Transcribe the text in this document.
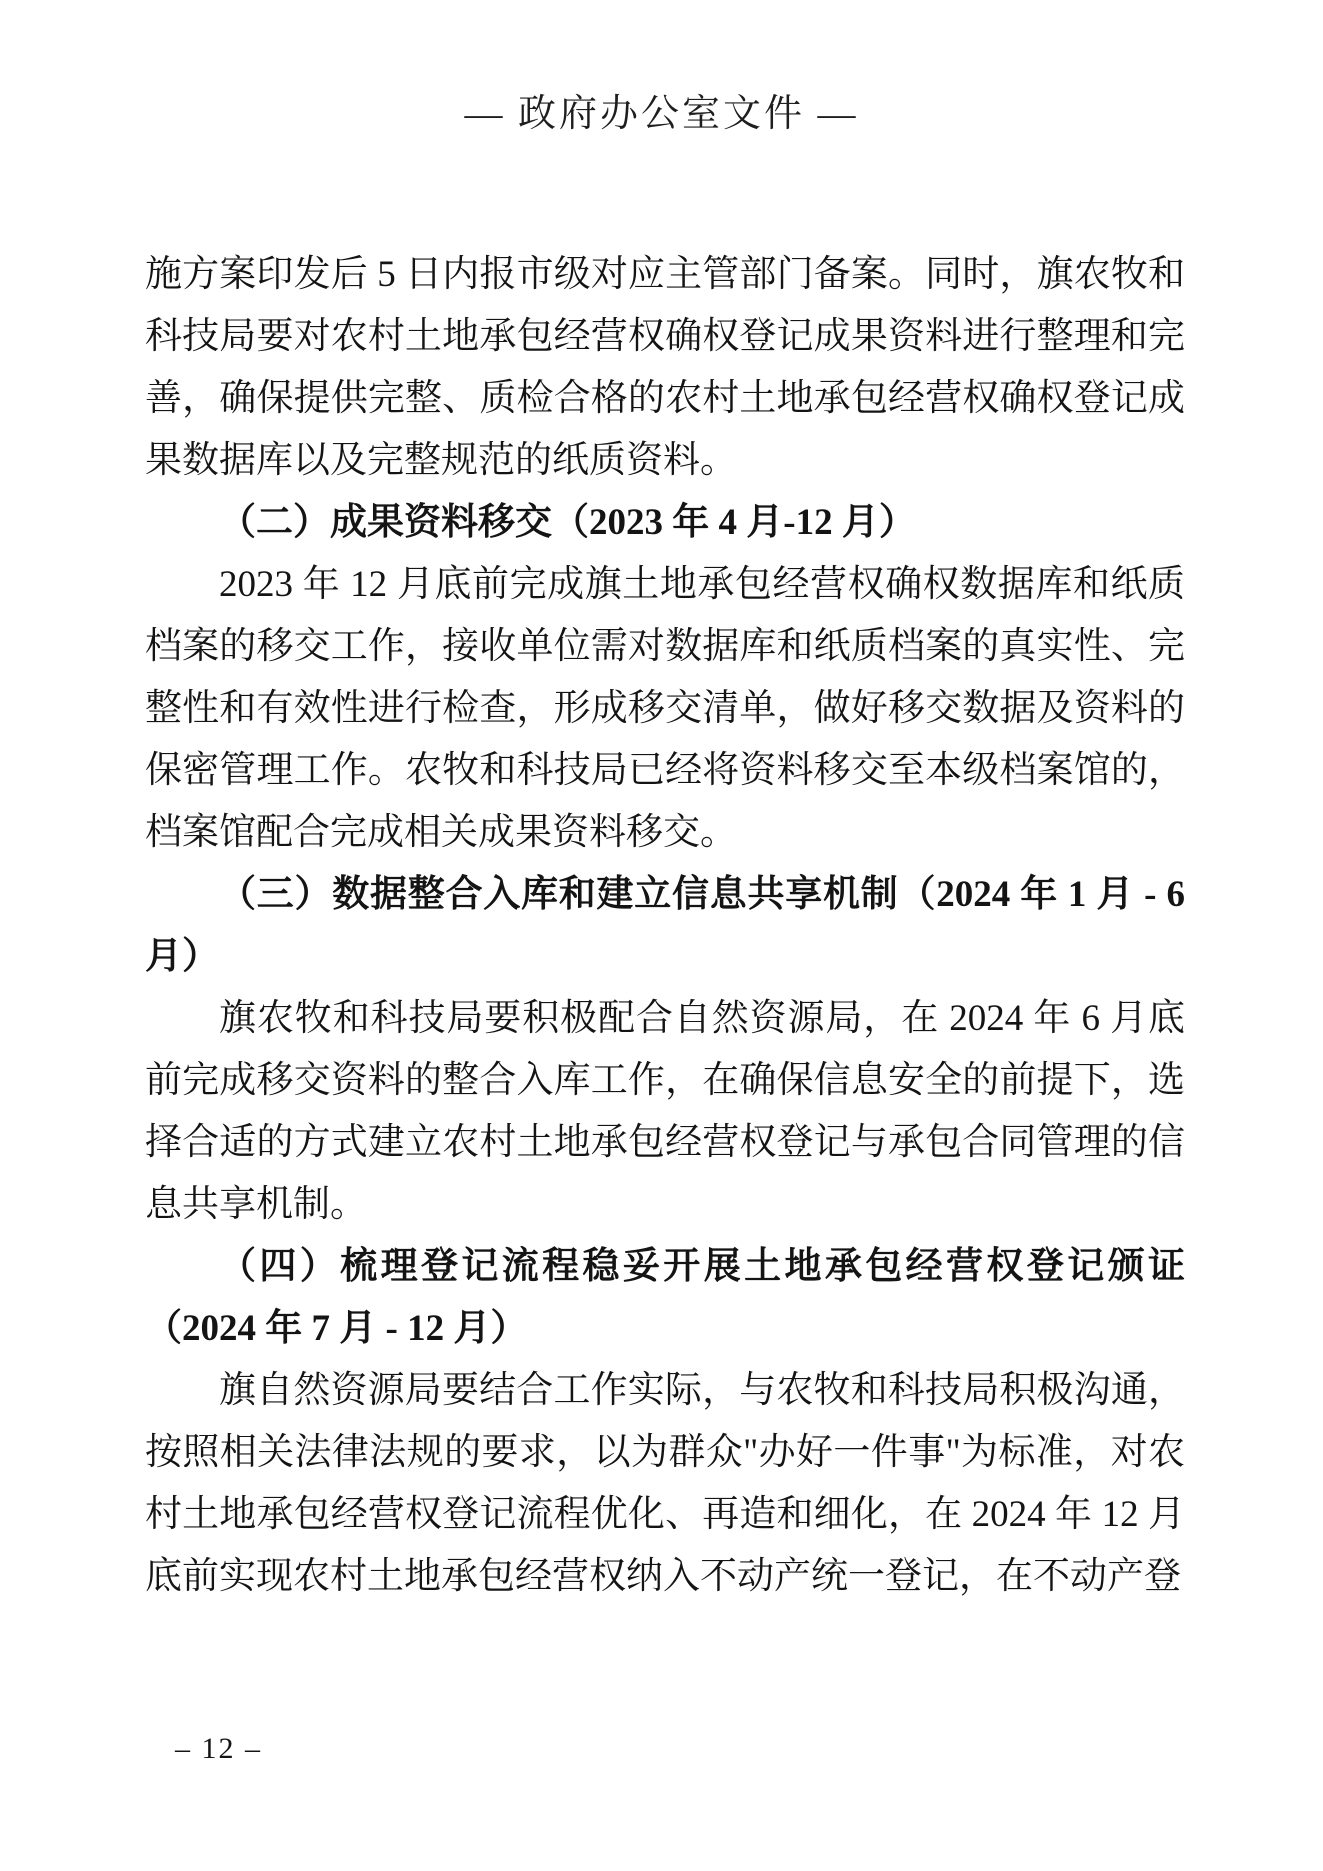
— 政府办公室文件 —

施方案印发后 5 日内报市级对应主管部门备案。同时，旗农牧和科技局要对农村土地承包经营权确权登记成果资料进行整理和完善，确保提供完整、质检合格的农村土地承包经营权确权登记成果数据库以及完整规范的纸质资料。

（二）成果资料移交（2023 年 4 月-12 月）

2023 年 12 月底前完成旗土地承包经营权确权数据库和纸质档案的移交工作，接收单位需对数据库和纸质档案的真实性、完整性和有效性进行检查，形成移交清单，做好移交数据及资料的保密管理工作。农牧和科技局已经将资料移交至本级档案馆的，档案馆配合完成相关成果资料移交。

（三）数据整合入库和建立信息共享机制（2024 年 1 月 - 6 月）

旗农牧和科技局要积极配合自然资源局，在 2024 年 6 月底前完成移交资料的整合入库工作，在确保信息安全的前提下，选择合适的方式建立农村土地承包经营权登记与承包合同管理的信息共享机制。

（四）梳理登记流程稳妥开展土地承包经营权登记颁证（2024 年 7 月 - 12 月）

旗自然资源局要结合工作实际，与农牧和科技局积极沟通，按照相关法律法规的要求，以为群众"办好一件事"为标准，对农村土地承包经营权登记流程优化、再造和细化，在 2024 年 12 月底前实现农村土地承包经营权纳入不动产统一登记，在不动产登

– 12 –
